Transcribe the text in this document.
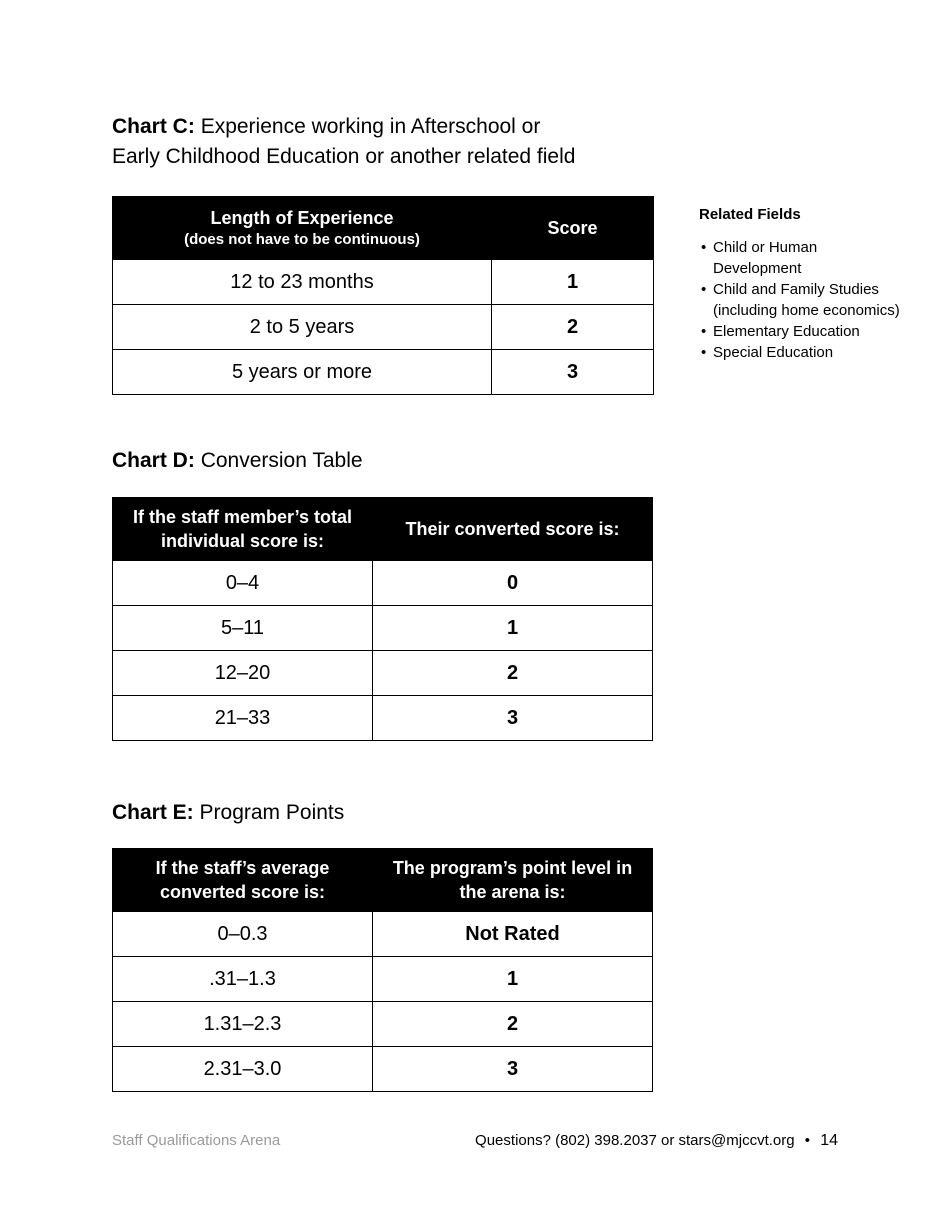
Chart C: Experience working in Afterschool or
Early Childhood Education or another related field
Length of Experience
(does not have to be continuous)	Score
12 to 23 months	1
2 to 5 years	2
5 years or more	3
Related Fields
• Child or Human Development
• Child and Family Studies (including home economics)
• Elementary Education
• Special Education
Chart D: Conversion Table
If the staff member’s total individual score is:	Their converted score is:
0–4	0
5–11	1
12–20	2
21–33	3
Chart E: Program Points
If the staff’s average converted score is:	The program’s point level in the arena is:
0–0.3	Not Rated
.31–1.3	1
1.31–2.3	2
2.31–3.0	3
Staff Qualifications Arena	Questions? (802) 398.2037 or stars@mjccvt.org • 14
